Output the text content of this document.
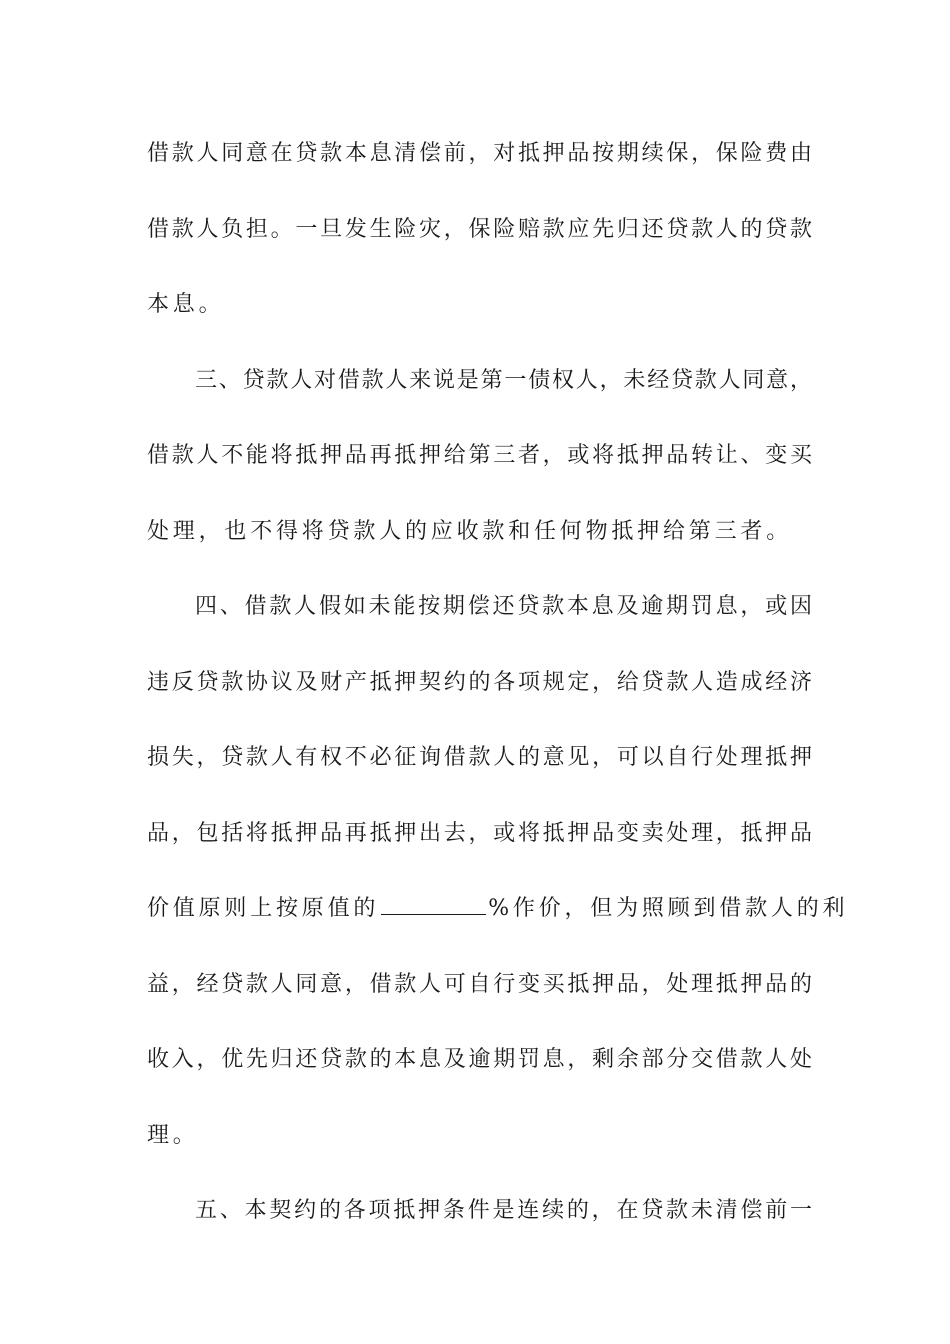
借款人同意在贷款本息清偿前，对抵押品按期续保，保险费由
借款人负担。一旦发生险灾，保险赔款应先归还贷款人的贷款
本息。
三、贷款人对借款人来说是第一债权人，未经贷款人同意，
借款人不能将抵押品再抵押给第三者，或将抵押品转让、变买
处理，也不得将贷款人的应收款和任何物抵押给第三者。
四、借款人假如未能按期偿还贷款本息及逾期罚息，或因
违反贷款协议及财产抵押契约的各项规定，给贷款人造成经济
损失，贷款人有权不必征询借款人的意见，可以自行处理抵押
品，包括将抵押品再抵押出去，或将抵押品变卖处理，抵押品
价值原则上按原值的	%作价，但为照顾到借款人的利
益，经贷款人同意，借款人可自行变买抵押品，处理抵押品的
收入，优先归还贷款的本息及逾期罚息，剩余部分交借款人处
理。
五、本契约的各项抵押条件是连续的，在贷款未清偿前一
